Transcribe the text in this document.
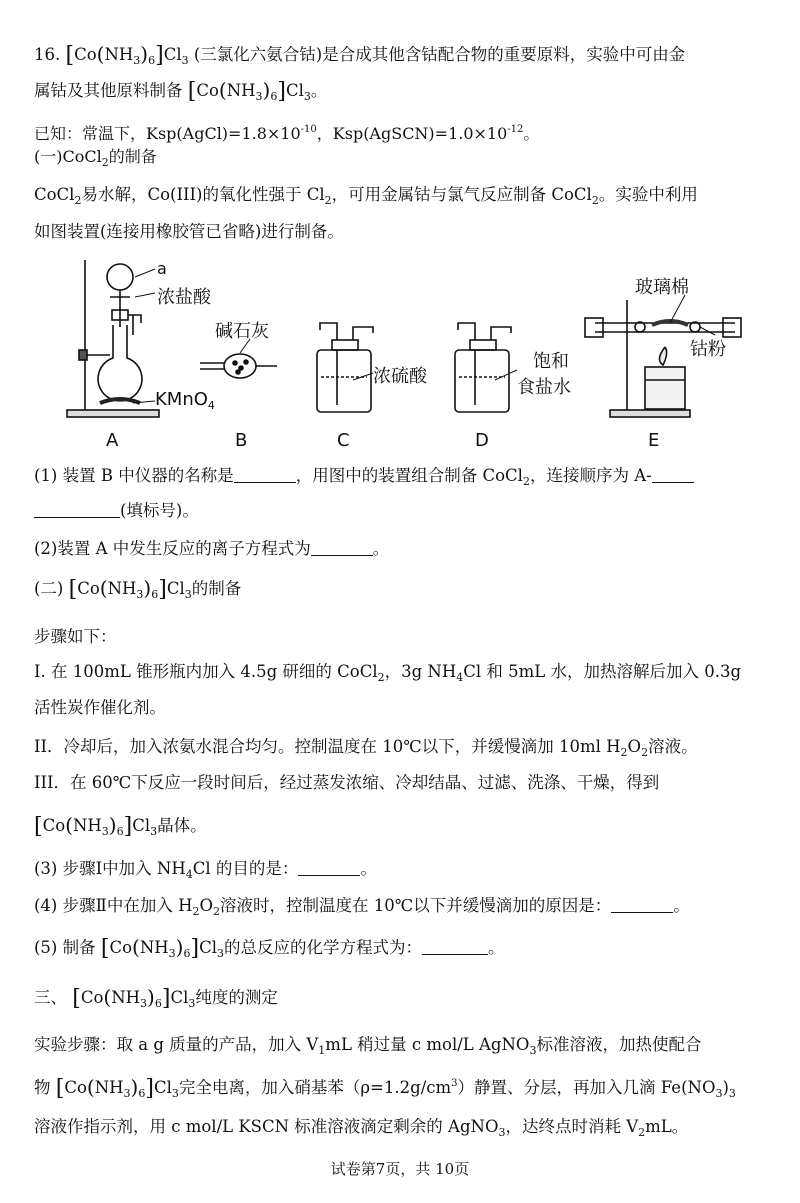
16. $[Co(NH_3)_6]Cl_3$ (三氯化六氨合钴)是合成其他含钴配合物的重要原料，实验中可由金
属钴及其他原料制备 $[Co(NH_3)_6]Cl_3$。
已知：常温下，$Ksp(AgCl)=1.8\times 10^{-10}$，$Ksp(AgSCN)=1.0\times 10^{-12}$。
(一)CoCl$_2$的制备
CoCl$_2$易水解，Co(III)的氧化性强于 $Cl_2$，可用金属钴与氯气反应制备 CoCl$_2$。实验中利用
如图装置(连接用橡胶管已省略)进行制备。
a
浓盐酸
KMnO$_4$
碱石灰
浓硫酸
饱和
食盐水
玻璃棉
钴粉
A	B	C	D	E
(1) 装置 B 中仪器的名称是	，用图中的装置组合制备 CoCl$_2$，连接顺序为 A-
(填标号)。
(2)装置 A 中发生反应的离子方程式为	。
(二) $[Co(NH_3)_6]Cl_3$的制备
步骤如下：
I. 在 100mL 锥形瓶内加入 4.5g 研细的 CoCl$_2$，3g $NH_4Cl$ 和 5mL 水，加热溶解后加入 0.3g
活性炭作催化剂。
II．冷却后，加入浓氨水混合均匀。控制温度在 10℃以下，并缓慢滴加 10ml $H_2O_2$溶液。
III．在 60℃下反应一段时间后，经过蒸发浓缩、冷却结晶、过滤、洗涤、干燥，得到
$[Co(NH_3)_6]Cl_3$晶体。
(3) 步骤Ⅰ中加入 $NH_4Cl$ 的目的是：	。
(4) 步骤Ⅱ中在加入 $H_2O_2$溶液时，控制温度在 10℃以下并缓慢滴加的原因是：	。
(5) 制备 $[Co(NH_3)_6]Cl_3$的总反应的化学方程式为：	。
三、 $[Co(NH_3)_6]Cl_3$纯度的测定
实验步骤：取 a g 质量的产品，加入 $V_1mL$ 稍过量 c mol/L AgNO$_3$标准溶液，加热使配合
物 $[Co(NH_3)_6]Cl_3$完全电离，加入硝基苯$(\rho=1.2g/cm^3)$静置、分层，再加入几滴 $Fe(NO_3)_3$
溶液作指示剂，用 c mol/L KSCN 标准溶液滴定剩余的 AgNO$_3$，达终点时消耗 $V_2mL$。
试卷第7页，共 10页
